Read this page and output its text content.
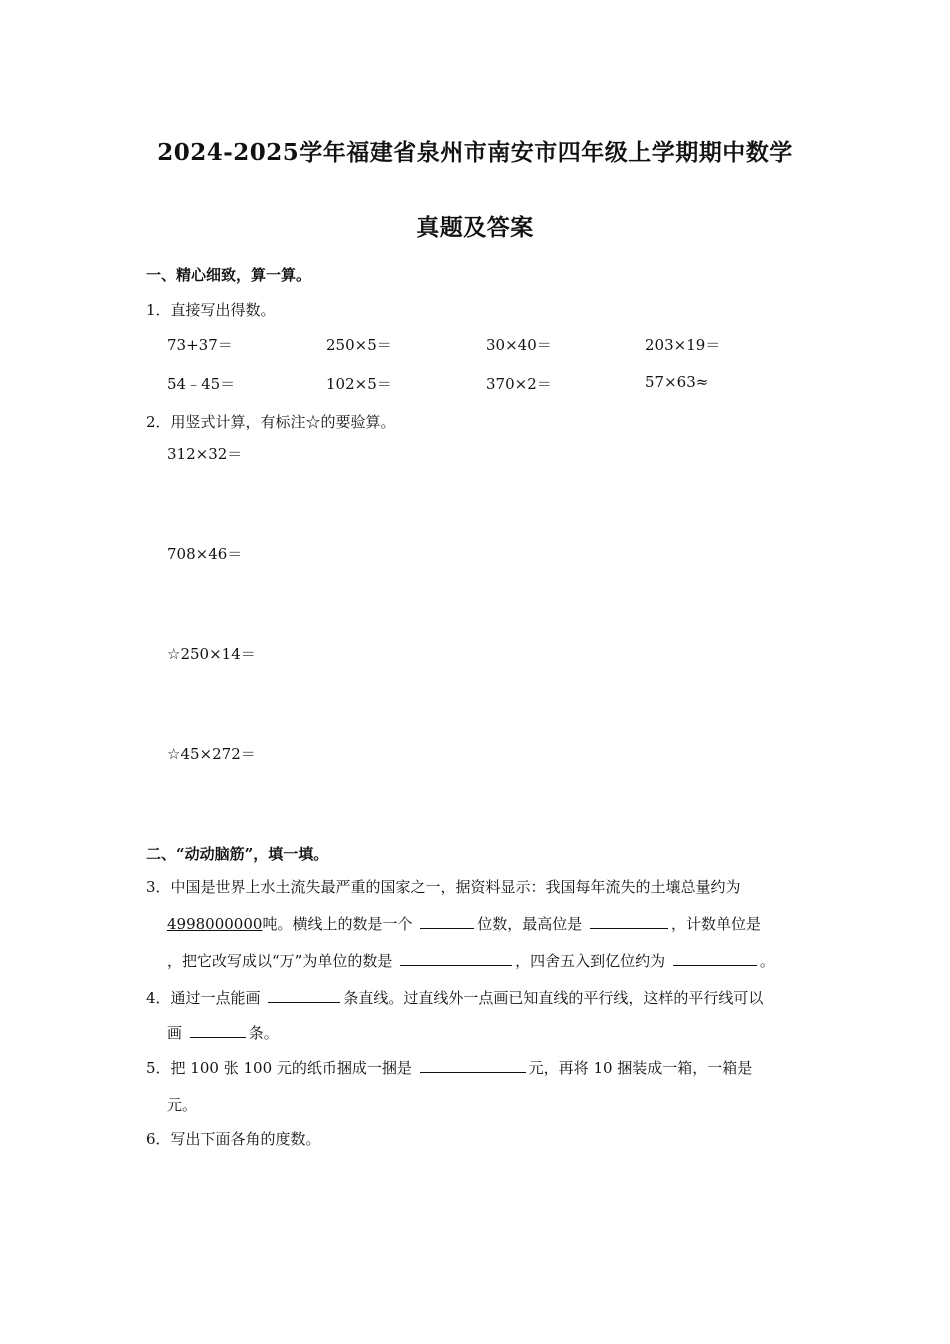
2024-2025学年福建省泉州市南安市四年级上学期期中数学
真题及答案
一、精心细致，算一算。
1．直接写出得数。
73+37＝	250×5＝	30×40＝	203×19＝
54﹣45＝	102×5＝	370×2＝	57×63≈
2．用竖式计算，有标注☆的要验算。
312×32＝
708×46＝
☆250×14＝
☆45×272＝
二、“动动脑筋”，填一填。
3．中国是世界上水土流失最严重的国家之一，据资料显示：我国每年流失的土壤总量约为
4998000000吨。横线上的数是一个	位数，最高位是	，计数单位是
，把它改写成以“万”为单位的数是	，四舍五入到亿位约为	。
4．通过一点能画	条直线。过直线外一点画已知直线的平行线，这样的平行线可以
画	条。
5．把 100 张 100 元的纸币捆成一捆是	元，再将 10 捆装成一箱，一箱是
元。
6．写出下面各角的度数。
